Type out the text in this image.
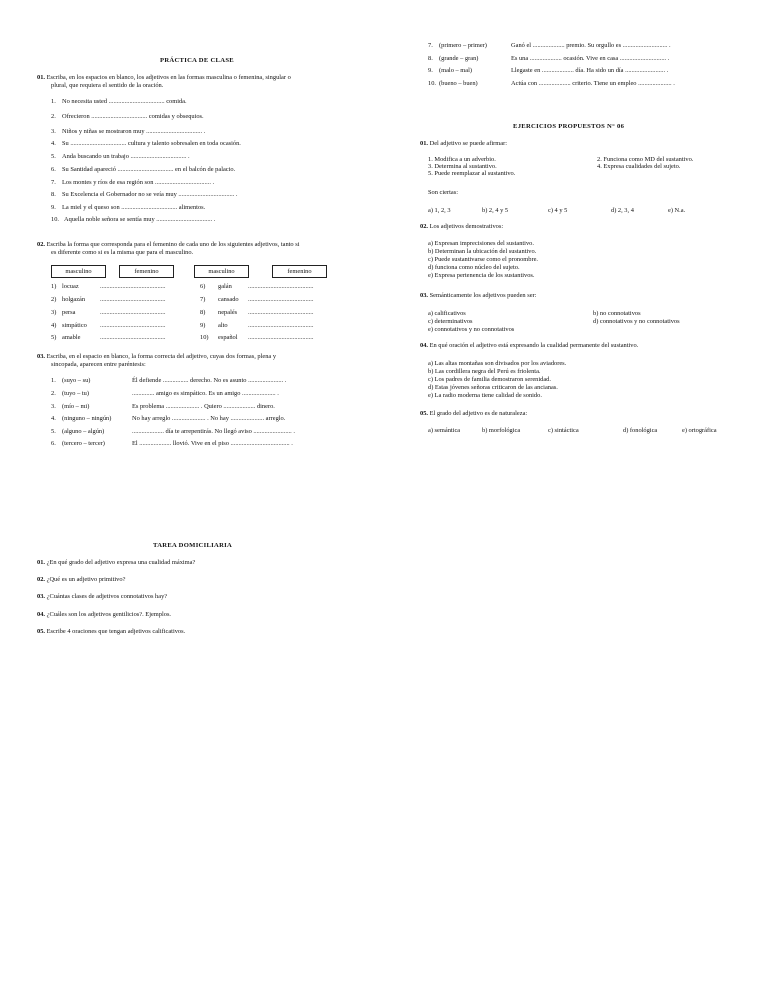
PRÁCTICA DE CLASE
01. Escriba, en los espacios en blanco, los adjetivos en las formas masculina o femenina, singular o
plural, que requiera el sentido de la oración.
1. No necesita usted ................................... comida.
2. Ofrecieron ................................... comidas y obsequios.
3. Niños y niñas se mostraron muy ................................... .
4. Su ................................... cultura y talento sobresalen en toda ocasión.
5. Anda buscando un trabajo ................................... .
6. Su Santidad apareció ................................... en el balcón de palacio.
7. Los montes y ríos de esa región son ................................... .
8. Su Excelencia el Gobernador no se veía muy ................................... .
9. La miel y el queso son ................................... alimentos.
10. Aquella noble señora se sentía muy ................................... .
02. Escriba la forma que corresponda para el femenino de cada uno de los siguientes adjetivos, tanto si
es diferente como si es la misma que para el masculino.
masculino	femenino	masculino	femenino
1) locuaz	.........................................
2) holgazán .........................................
3) persa	.........................................
4) simpático .........................................
5) amable	.........................................
6) galán	.........................................
7) cansado .........................................
8) nepalés .........................................
9) alto	.........................................
10) español .........................................
03. Escriba, en el espacio en blanco, la forma correcta del adjetivo, cuyas dos formas, plena y
sincopada, aparecen entre paréntesis:
1. (suyo – su)	Él defiende ................ derecho. No es asunto ...................... .
2. (tuyo – tu)	.............. amigo es simpático. Es un amigo ..................... .
3. (mío – mi)	Es problema ..................... . Quiero .................... dinero.
4. (ninguno – ningún)	No hay arreglo ..................... . No hay ..................... arreglo.
5. (alguno – algún)	.................... día te arrepentirás. No llegó aviso ........................ .
6. (tercero – tercer)	El .................... llovió. Vive en el piso ..................................... .
TAREA DOMICILIARIA
01. ¿En qué grado del adjetivo expresa una cualidad máxima?
02. ¿Qué es un adjetivo primitivo?
03. ¿Cuántas clases de adjetivos connotativos hay?
04. ¿Cuáles son los adjetivos gentilicios?. Ejemplos.
05. Escribe 4 oraciones que tengan adjetivos calificativos.
7. (primero – primer)	Ganó el .................... premio. Su orgullo es ............................ .
8. (grande – gran)	Es una .................... ocasión. Vive en casa ............................. .
9. (malo – mal)	Llegaste en .................... día. Ha sido un día ......................... .
10. (bueno – buen)	Actúa con .................... criterio. Tiene un empleo ..................... .
EJERCICIOS PROPUESTOS N° 06
01. Del adjetivo se puede afirmar:
1. Modifica a un adverbio.
3. Determina al sustantivo.
5. Puede reemplazar al sustantivo.
2. Funciona como MD del sustantivo.
4. Expresa cualidades del sujeto.
Son ciertas:
a) 1, 2, 3	b) 2, 4 y 5	c) 4 y 5	d) 2, 3, 4	e) N.a.
02. Los adjetivos demostrativos:
a) Expresan imprecisiones del sustantivo.
b) Determinan la ubicación del sustantivo.
c) Puede sustantivarse como el pronombre.
d) funciona como núcleo del sujeto.
e) Expresa pertenencia de los sustantivos.
03. Semánticamente los adjetivos pueden ser:
a) calificativos
c) determinativos
e) connotativos y no connotativos
b) no connotativos
d) connotativos y no connotativos
04. En qué oración el adjetivo está expresando la cualidad permanente del sustantivo.
a) Las altas montañas son divisados por los aviadores.
b) Las cordillera negra del Perú es friolenta.
c) Los padres de familia demostraron serenidad.
d) Estas jóvenes señoras criticaron de las ancianas.
e) La radio moderna tiene calidad de sonido.
05. El grado del adjetivo es de naturaleza:
a) semántica	b) morfológica	c) sintáctica	d) fonológica	e) ortográfica
